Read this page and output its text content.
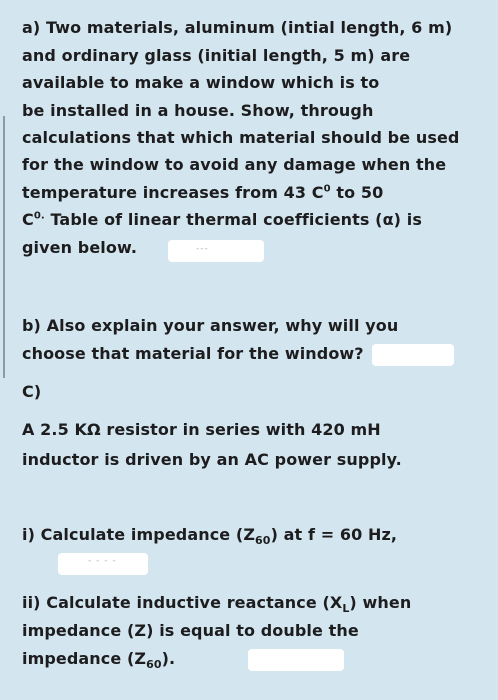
a) Two materials, aluminum (intial length, 6 m)
and ordinary glass (initial length, 5 m) are
available to make a window which is to
be installed in a house. Show, through
calculations that which material should be used
for the window to avoid any damage when the
temperature increases from 43 $C^0$ to 50
$C^{0.}$ Table of linear thermal coefficients (α) is
given below.	---
b) Also explain your answer, why will you
choose that material for the window?
C)
A 2.5 KΩ resistor in series with 420 mH
inductor is driven by an AC power supply.
i) Calculate impedance $(Z_{60})$ at f = 60 Hz,
- - - -
ii) Calculate inductive reactance $(X_L)$ when
impedance (Z) is equal to double the
impedance $(Z_{60})$.
